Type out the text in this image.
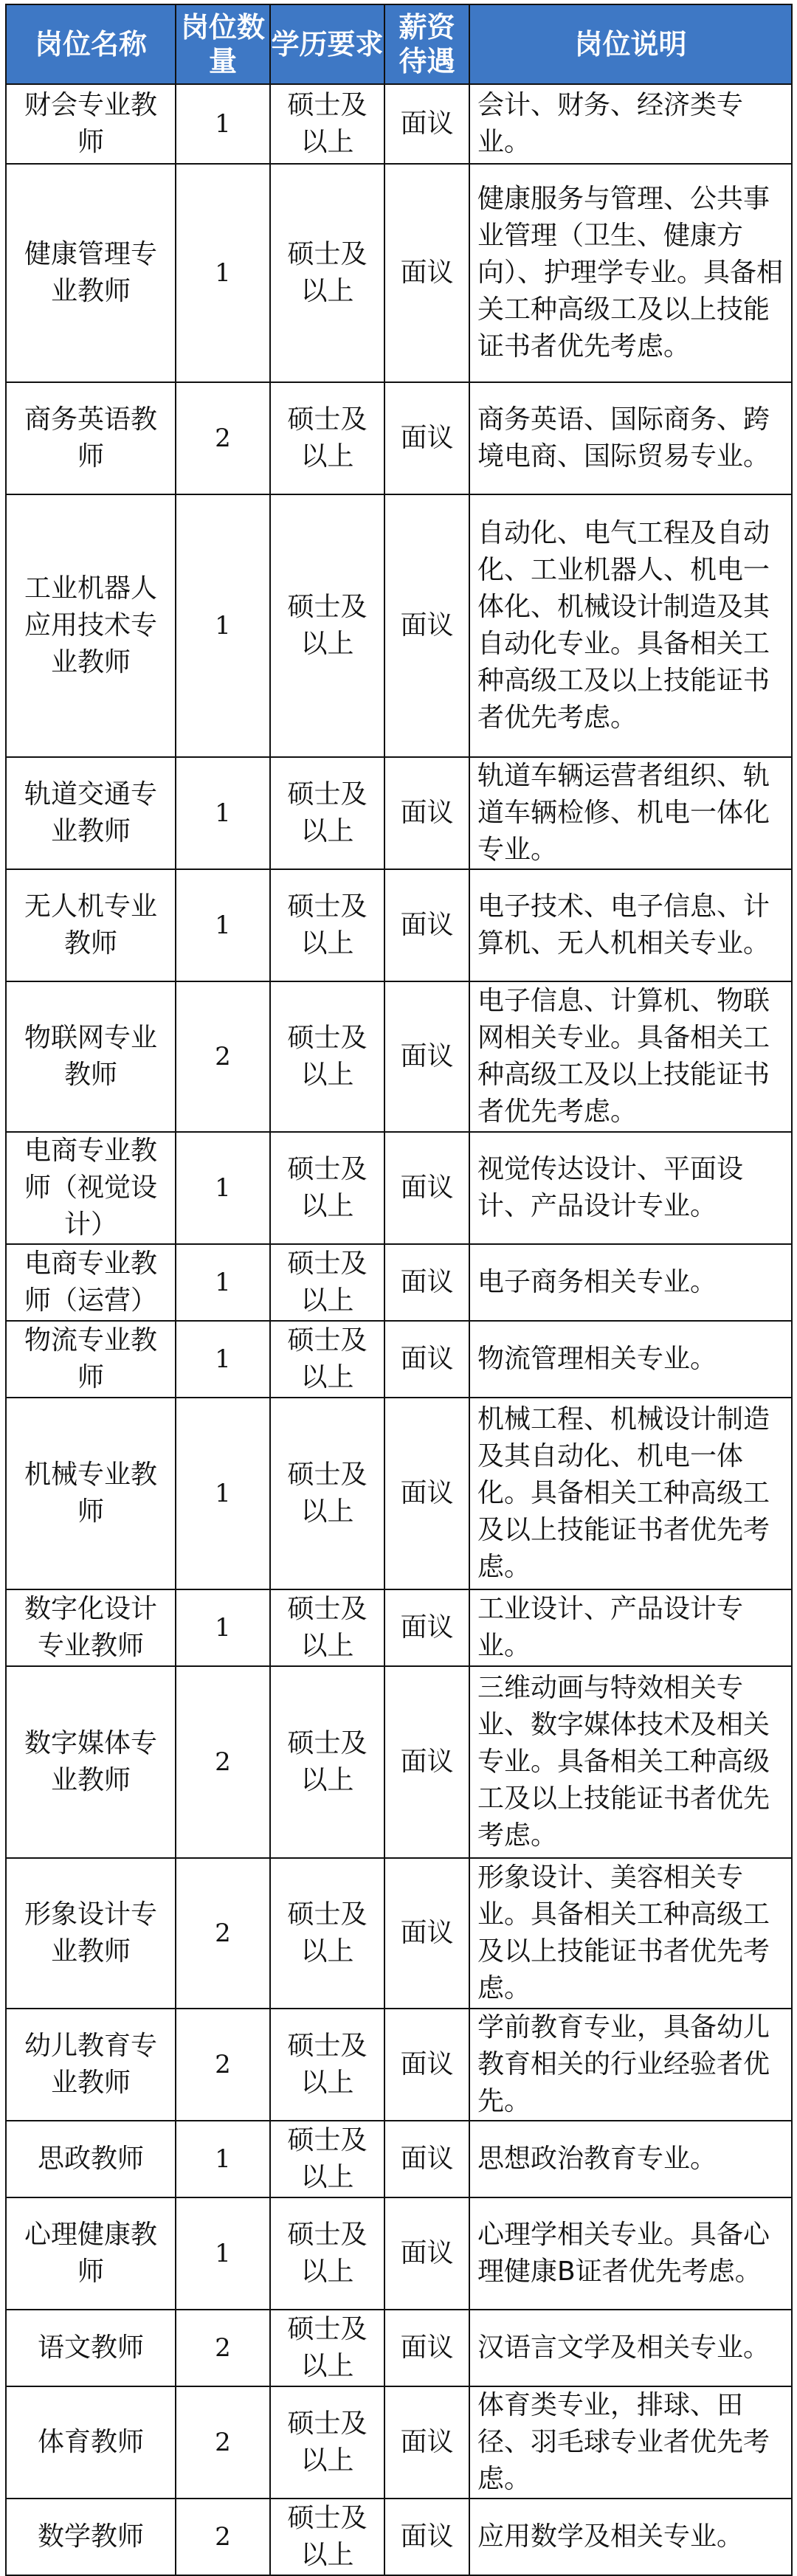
岗位名称	岗位数量	学历要求	薪资待遇	岗位说明
财会专业教师	1	硕士及以上	面议	会计、财务、经济类专业。
健康管理专业教师	1	硕士及以上	面议	健康服务与管理、公共事业管理（卫生、健康方向）、护理学专业。具备相关工种高级工及以上技能证书者优先考虑。
商务英语教师	2	硕士及以上	面议	商务英语、国际商务、跨境电商、国际贸易专业。
工业机器人应用技术专业教师	1	硕士及以上	面议	自动化、电气工程及自动化、工业机器人、机电一体化、机械设计制造及其自动化专业。具备相关工种高级工及以上技能证书者优先考虑。
轨道交通专业教师	1	硕士及以上	面议	轨道车辆运营者组织、轨道车辆检修、机电一体化专业。
无人机专业教师	1	硕士及以上	面议	电子技术、电子信息、计算机、无人机相关专业。
物联网专业教师	2	硕士及以上	面议	电子信息、计算机、物联网相关专业。具备相关工种高级工及以上技能证书者优先考虑。
电商专业教师（视觉设计）	1	硕士及以上	面议	视觉传达设计、平面设计、产品设计专业。
电商专业教师（运营）	1	硕士及以上	面议	电子商务相关专业。
物流专业教师	1	硕士及以上	面议	物流管理相关专业。
机械专业教师	1	硕士及以上	面议	机械工程、机械设计制造及其自动化、机电一体化。具备相关工种高级工及以上技能证书者优先考虑。
数字化设计专业教师	1	硕士及以上	面议	工业设计、产品设计专业。
数字媒体专业教师	2	硕士及以上	面议	三维动画与特效相关专业、数字媒体技术及相关专业。具备相关工种高级工及以上技能证书者优先考虑。
形象设计专业教师	2	硕士及以上	面议	形象设计、美容相关专业。具备相关工种高级工及以上技能证书者优先考虑。
幼儿教育专业教师	2	硕士及以上	面议	学前教育专业，具备幼儿教育相关的行业经验者优先。
思政教师	1	硕士及以上	面议	思想政治教育专业。
心理健康教师	1	硕士及以上	面议	心理学相关专业。具备心理健康B证者优先考虑。
语文教师	2	硕士及以上	面议	汉语言文学及相关专业。
体育教师	2	硕士及以上	面议	体育类专业，排球、田径、羽毛球专业者优先考虑。
数学教师	2	硕士及以上	面议	应用数学及相关专业。
